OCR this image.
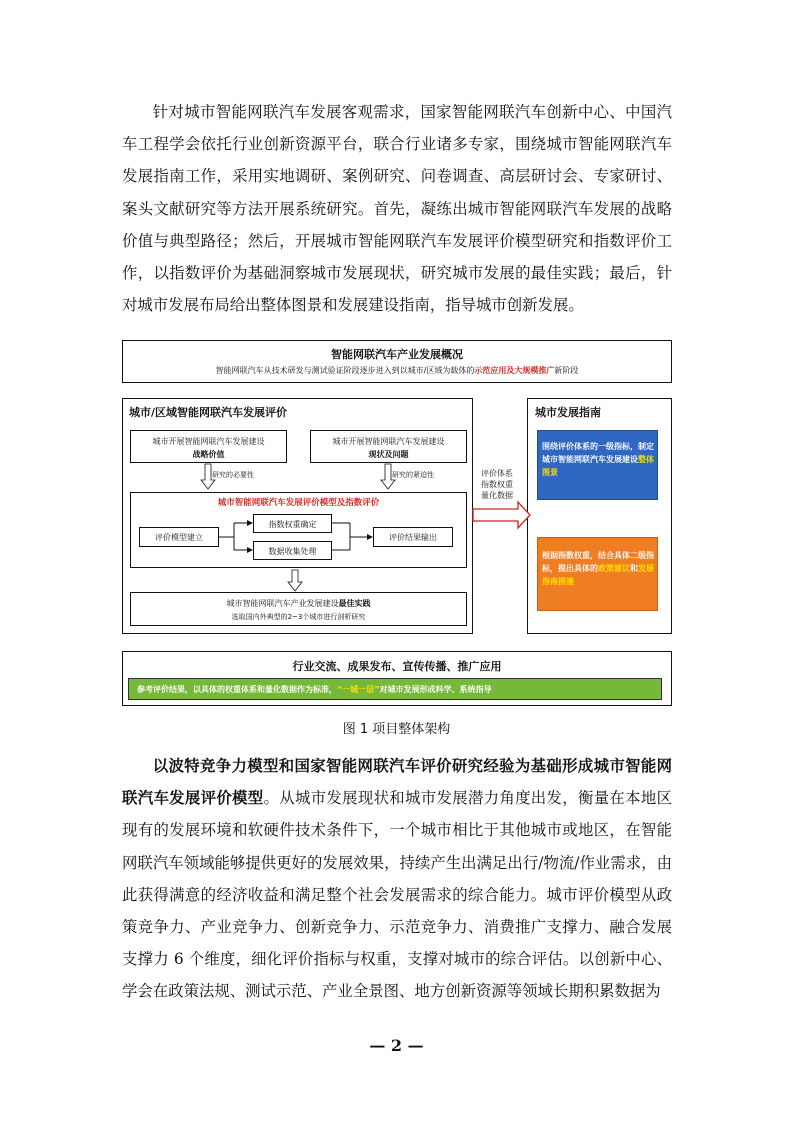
针对城市智能网联汽车发展客观需求，国家智能网联汽车创新中心、中国汽车工程学会依托行业创新资源平台，联合行业诸多专家，围绕城市智能网联汽车发展指南工作，采用实地调研、案例研究、问卷调查、高层研讨会、专家研讨、案头文献研究等方法开展系统研究。首先，凝练出城市智能网联汽车发展的战略价值与典型路径；然后，开展城市智能网联汽车发展评价模型研究和指数评价工作，以指数评价为基础洞察城市发展现状，研究城市发展的最佳实践；最后，针对城市发展布局给出整体图景和发展建设指南，指导城市创新发展。

智能网联汽车产业发展概况
智能网联汽车从技术研发与测试验证阶段逐步进入到以城市/区域为载体的示范应用及大规模推广新阶段
城市/区域智能网联汽车发展评价
城市开展智能网联汽车发展建设
战略价值
城市开展智能网联汽车发展建设
现状及问题
研究的必要性	研究的紧迫性
城市智能网联汽车发展评价模型及指数评价
评价模型建立
指数权重确定
数据收集处理
评价结果输出
城市智能网联汽车产业发展建设最佳实践
选取国内外典型的2~3个城市进行剖析研究
评价体系
指数权重
量化数据
城市发展指南
围绕评价体系的一级指标，制定城市智能网联汽车发展建设整体图景
根据指数权重，结合具体二级指标，提出具体的政策建议和发展指南措施
行业交流、成果发布、宣传传播、推广应用
参考评价结果，以具体的权重体系和量化数据作为标准，“一城一层”对城市发展形成科学、系统指导
图 1 项目整体架构

以波特竞争力模型和国家智能网联汽车评价研究经验为基础形成城市智能网联汽车发展评价模型。从城市发展现状和城市发展潜力角度出发，衡量在本地区现有的发展环境和软硬件技术条件下，一个城市相比于其他城市或地区，在智能网联汽车领域能够提供更好的发展效果，持续产生出满足出行/物流/作业需求，由此获得满意的经济收益和满足整个社会发展需求的综合能力。城市评价模型从政策竞争力、产业竞争力、创新竞争力、示范竞争力、消费推广支撑力、融合发展支撑力 6 个维度，细化评价指标与权重，支撑对城市的综合评估。以创新中心、学会在政策法规、测试示范、产业全景图、地方创新资源等领域长期积累数据为

— 2 —
